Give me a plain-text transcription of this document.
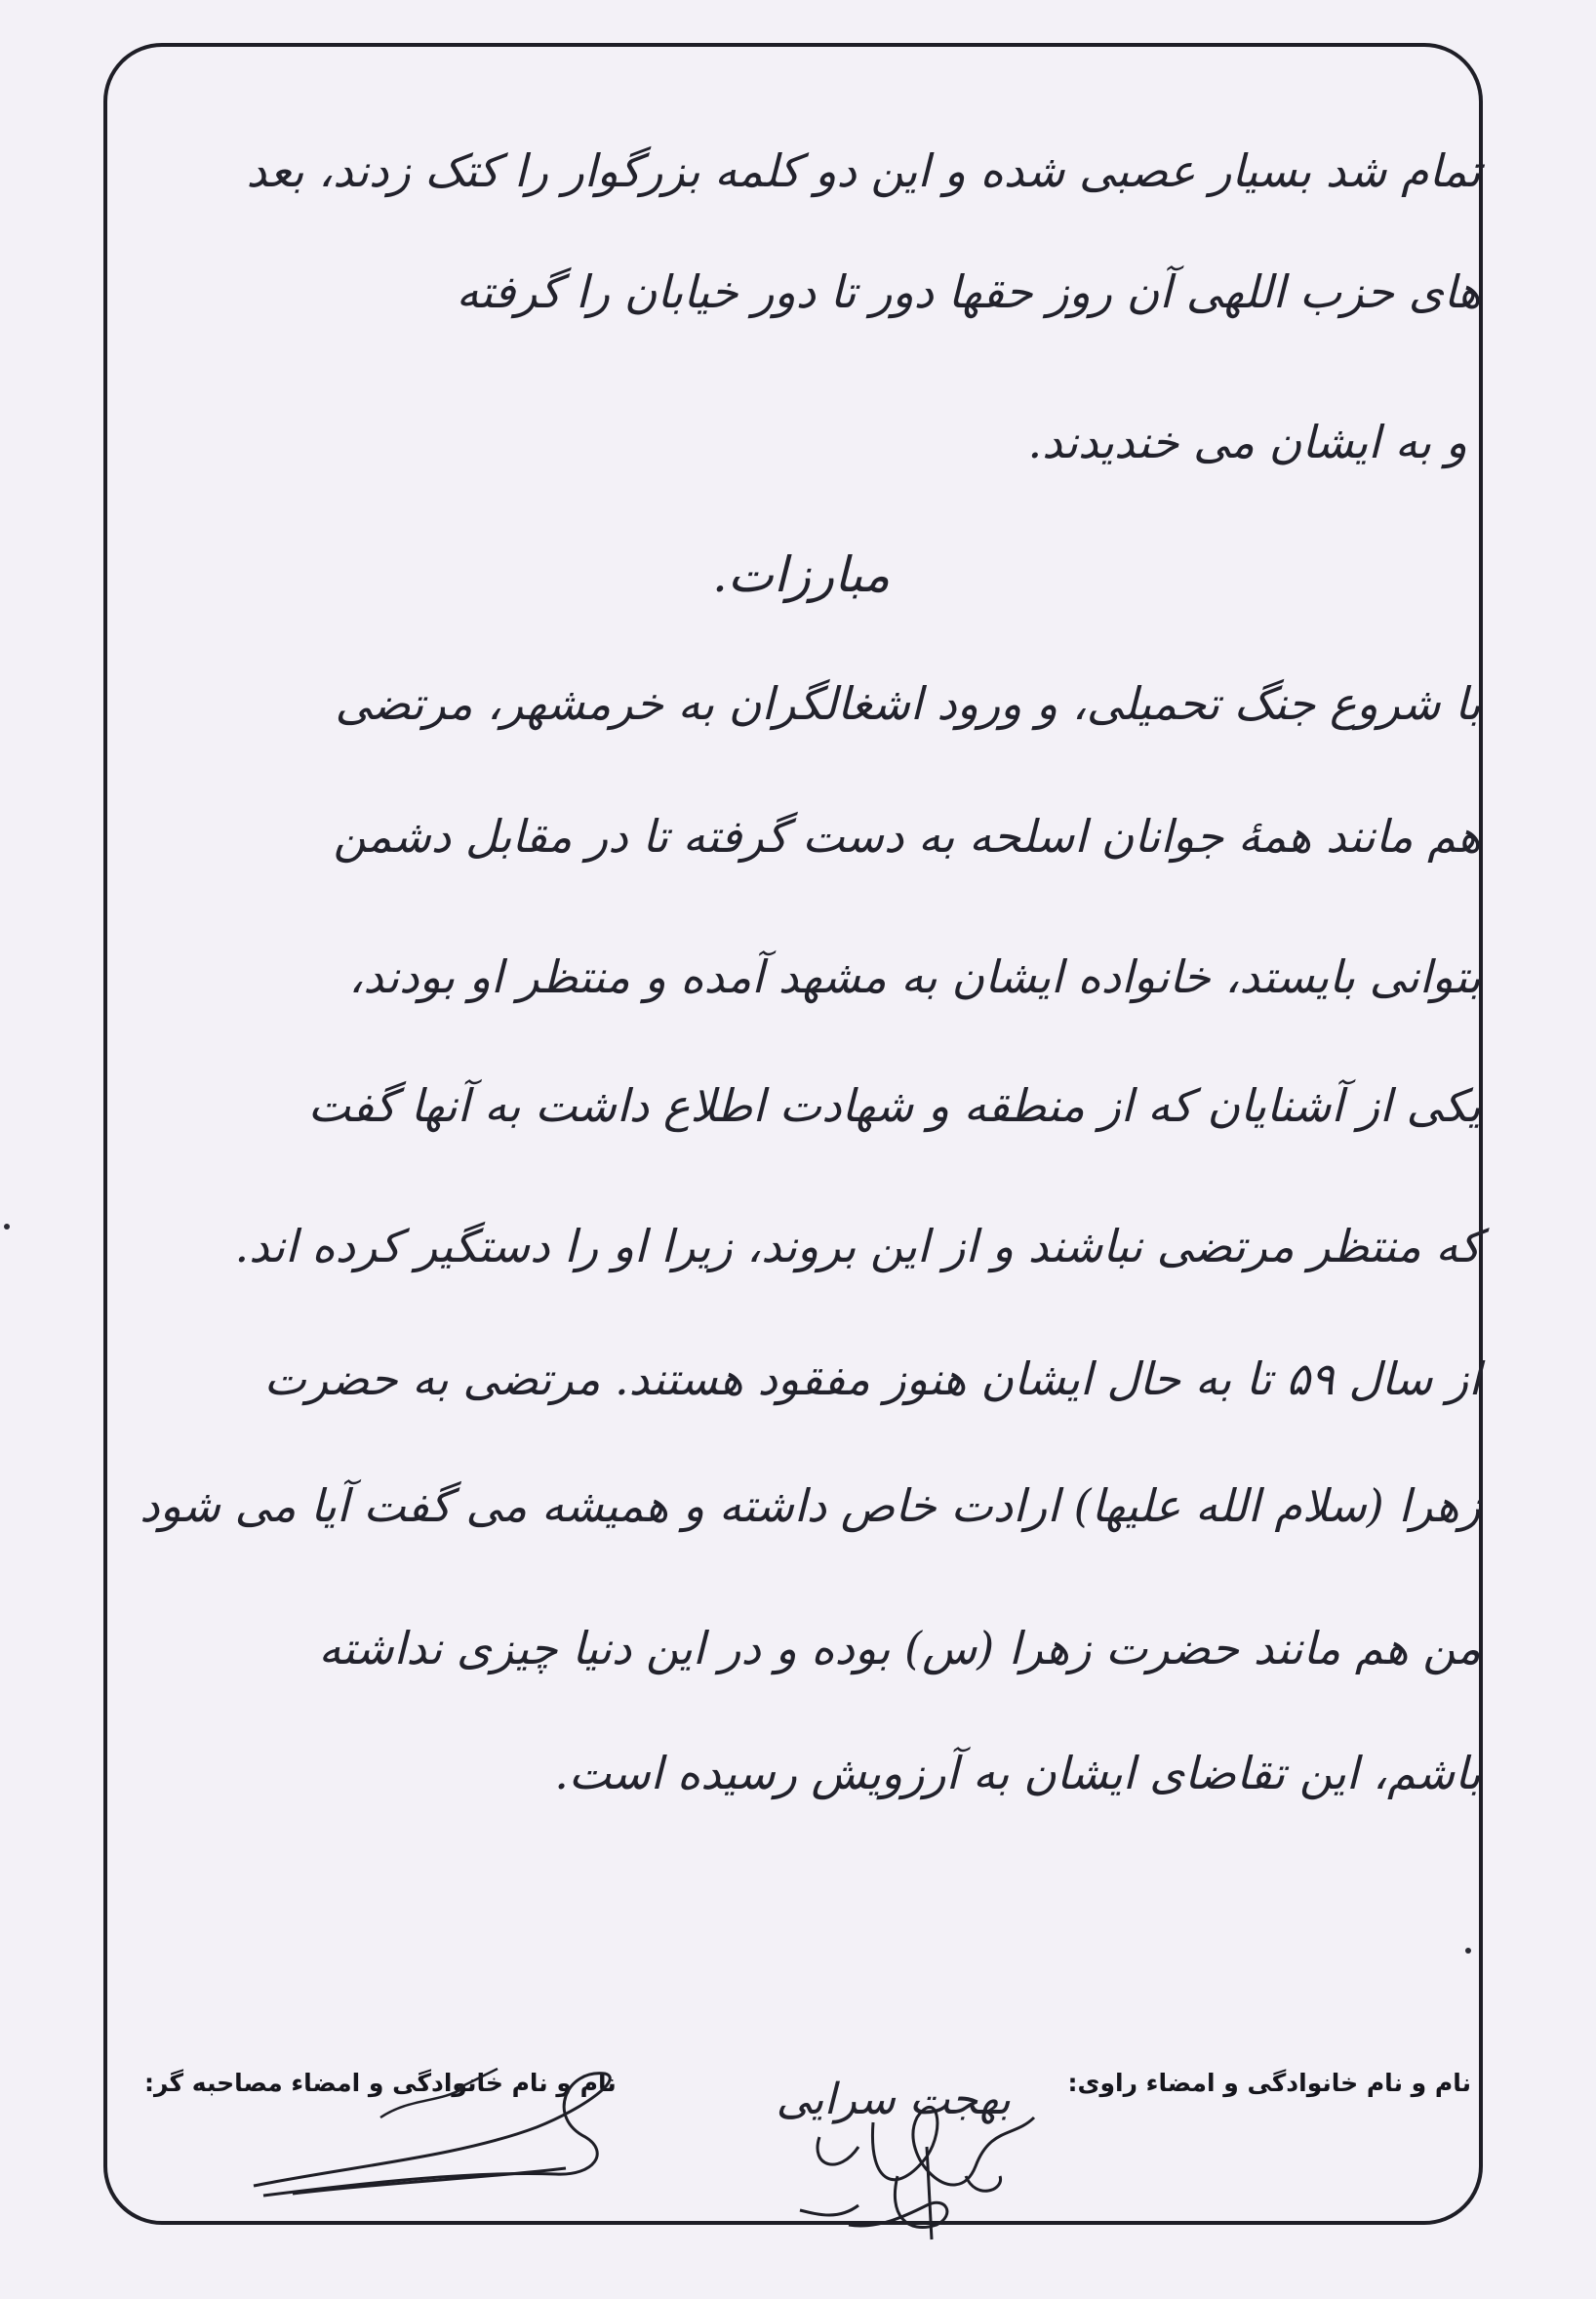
تمام شد بسیار عصبی شده و این دو کلمه بزرگوار را کتک زدند، بعد
های حزب اللهی آن روز حقها دور تا دور خیابان را گرفته
و به ایشان می خندیدند.
مبارزات.
با شروع جنگ تحمیلی، و ورود اشغالگران به خرمشهر، مرتضی
هم مانند همهٔ جوانان اسلحه به دست گرفته تا در مقابل دشمن
بتوانی بایستد، خانواده ایشان به مشهد آمده و منتظر او بودند،
یکی از آشنایان که از منطقه و شهادت اطلاع داشت به آنها گفت
که منتظر مرتضی نباشند و از این بروند، زیرا او را دستگیر کرده اند.
از سال ۵۹ تا به حال ایشان هنوز مفقود هستند. مرتضی به حضرت
زهرا (سلام الله علیها) ارادت خاص داشته و همیشه می گفت آیا می شود
من هم مانند حضرت زهرا (س) بوده و در این دنیا چیزی نداشته
باشم، این تقاضای ایشان به آرزویش رسیده است.
نام و نام خانوادگی و امضاء راوی:
بهجت سرایی
نام و نام خانوادگی و امضاء مصاحبه گر:
